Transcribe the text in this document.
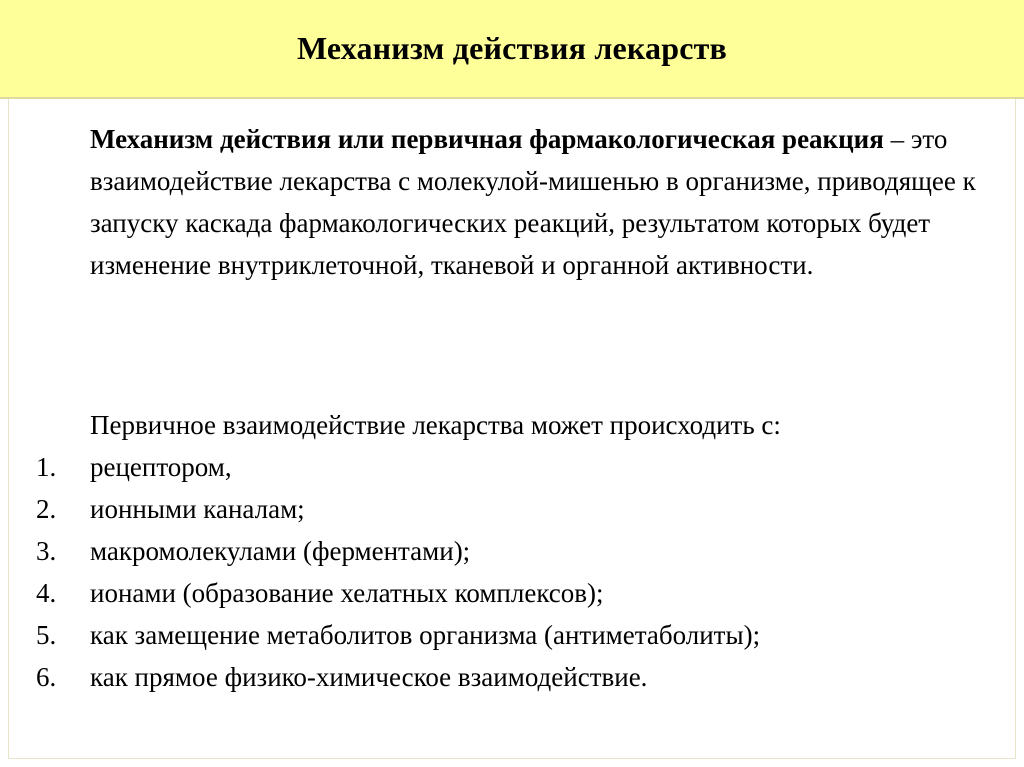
Механизм действия лекарств

Механизм действия или первичная фармакологическая реакция – это взаимодействие лекарства с молекулой-мишенью в организме, приводящее к запуску каскада фармакологических реакций, результатом которых будет изменение внутриклеточной, тканевой и органной активности.

Первичное взаимодействие лекарства может происходить с:

1. рецептором,
2. ионными каналам;
3. макромолекулами (ферментами);
4. ионами (образование хелатных комплексов);
5. как замещение метаболитов организма (антиметаболиты);
6. как прямое физико-химическое взаимодействие.
